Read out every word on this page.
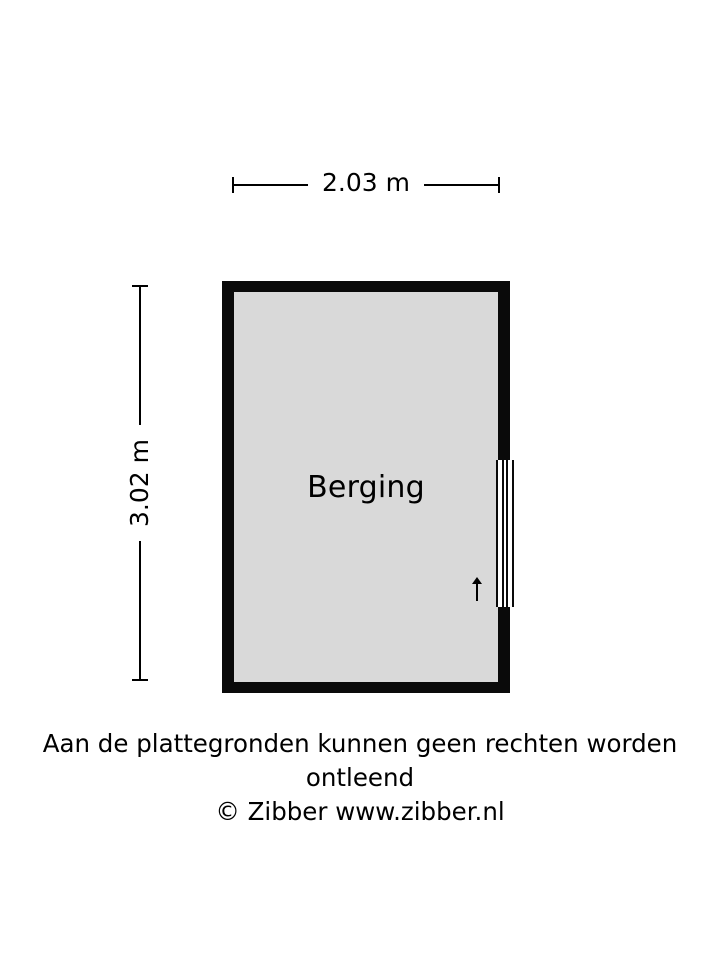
2.03 m
3.02 m	Berging
Aan de plattegronden kunnen geen rechten worden ontleend
© Zibber www.zibber.nl
